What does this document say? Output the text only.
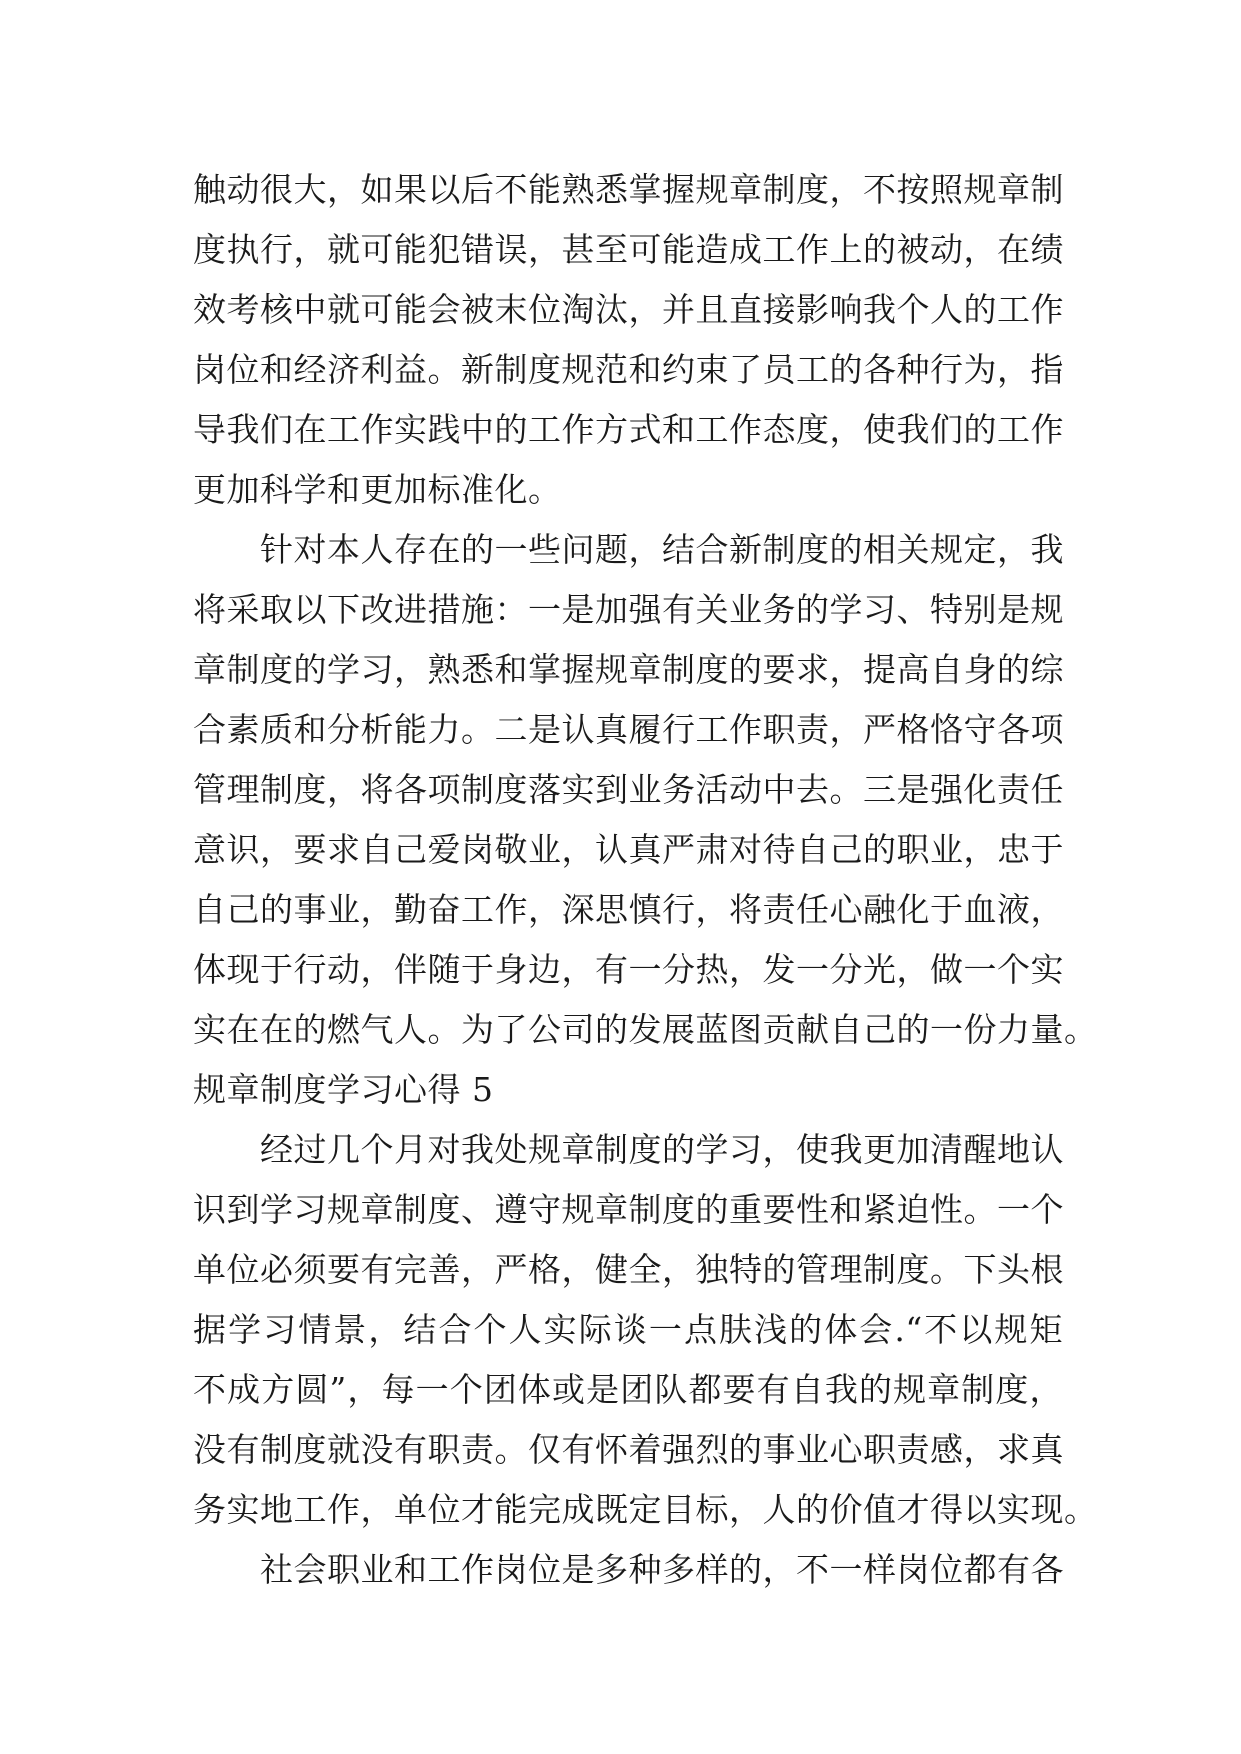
触动很大，如果以后不能熟悉掌握规章制度，不按照规章制
度执行，就可能犯错误，甚至可能造成工作上的被动，在绩
效考核中就可能会被末位淘汰，并且直接影响我个人的工作
岗位和经济利益。新制度规范和约束了员工的各种行为，指
导我们在工作实践中的工作方式和工作态度，使我们的工作
更加科学和更加标准化。
　　针对本人存在的一些问题，结合新制度的相关规定，我
将采取以下改进措施：一是加强有关业务的学习、特别是规
章制度的学习，熟悉和掌握规章制度的要求，提高自身的综
合素质和分析能力。二是认真履行工作职责，严格恪守各项
管理制度，将各项制度落实到业务活动中去。三是强化责任
意识，要求自己爱岗敬业，认真严肃对待自己的职业，忠于
自己的事业，勤奋工作，深思慎行，将责任心融化于血液，
体现于行动，伴随于身边，有一分热，发一分光，做一个实
实在在的燃气人。为了公司的发展蓝图贡献自己的一份力量。
规章制度学习心得 5
　　经过几个月对我处规章制度的学习，使我更加清醒地认
识到学习规章制度、遵守规章制度的重要性和紧迫性。一个
单位必须要有完善，严格，健全，独特的管理制度。下头根
据学习情景，结合个人实际谈一点肤浅的体会.“不以规矩
不成方圆”，每一个团体或是团队都要有自我的规章制度，
没有制度就没有职责。仅有怀着强烈的事业心职责感，求真
务实地工作，单位才能完成既定目标，人的价值才得以实现。
　　社会职业和工作岗位是多种多样的，不一样岗位都有各
